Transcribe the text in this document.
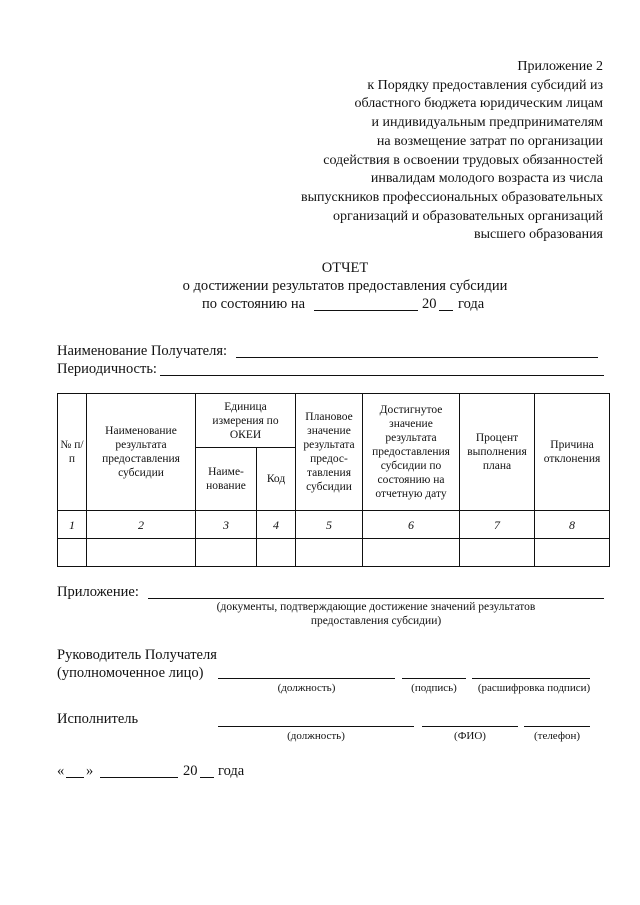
Приложение 2
к Порядку предоставления субсидий из
областного бюджета юридическим лицам
и индивидуальным предпринимателям
на возмещение затрат по организации
содействия в освоении трудовых обязанностей
инвалидам молодого возраста из числа
выпускников профессиональных образовательных
организаций и образовательных организаций
высшего образования
ОТЧЕТ
о достижении результатов предоставления субсидии
по состоянию на	20 года
Наименование Получателя:
Периодичность:
№ п/п	Наименование результата предоставления субсидии	Единица измерения по ОКЕИ		Плановое значение результата предос-тавления субсидии	Достигнутое значение результата предоставления субсидии по состоянию на отчетную дату	Процент выполнения плана	Причина отклонения
		Наиме-нование	Код				
1	2	3	4	5	6	7	8

Приложение:
(документы, подтверждающие достижение значений результатов
предоставления субсидии)
Руководитель Получателя
(уполномоченное лицо)
(должность)	(подпись)	(расшифровка подписи)
Исполнитель
(должность)	(ФИО)	(телефон)
« »	20 года
